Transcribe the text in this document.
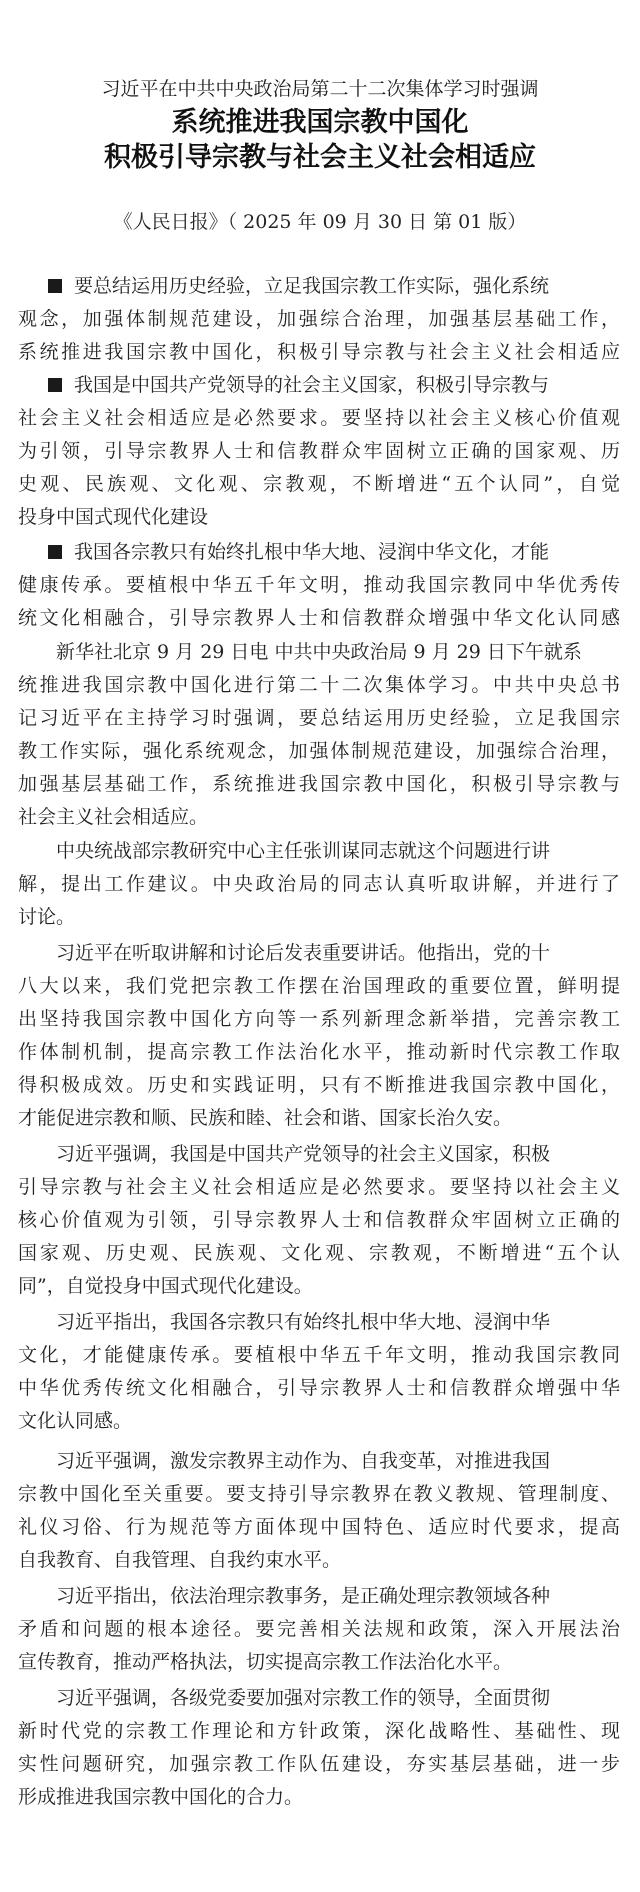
习近平在中共中央政治局第二十二次集体学习时强调
系统推进我国宗教中国化
积极引导宗教与社会主义社会相适应
《人民日报》（ 2025 年 09 月 30 日 第 01 版）
要总结运用历史经验，立足我国宗教工作实际，强化系统
观念，加强体制规范建设，加强综合治理，加强基层基础工作，
系统推进我国宗教中国化，积极引导宗教与社会主义社会相适应
我国是中国共产党领导的社会主义国家，积极引导宗教与
社会主义社会相适应是必然要求。要坚持以社会主义核心价值观
为引领，引导宗教界人士和信教群众牢固树立正确的国家观、历
史观、民族观、文化观、宗教观，不断增进“五个认同”，自觉
投身中国式现代化建设
我国各宗教只有始终扎根中华大地、浸润中华文化，才能
健康传承。要植根中华五千年文明，推动我国宗教同中华优秀传
统文化相融合，引导宗教界人士和信教群众增强中华文化认同感
新华社北京 9 月 29 日电 中共中央政治局 9 月 29 日下午就系
统推进我国宗教中国化进行第二十二次集体学习。中共中央总书
记习近平在主持学习时强调，要总结运用历史经验，立足我国宗
教工作实际，强化系统观念，加强体制规范建设，加强综合治理，
加强基层基础工作，系统推进我国宗教中国化，积极引导宗教与
社会主义社会相适应。
中央统战部宗教研究中心主任张训谋同志就这个问题进行讲
解，提出工作建议。中央政治局的同志认真听取讲解，并进行了
讨论。
习近平在听取讲解和讨论后发表重要讲话。他指出，党的十
八大以来，我们党把宗教工作摆在治国理政的重要位置，鲜明提
出坚持我国宗教中国化方向等一系列新理念新举措，完善宗教工
作体制机制，提高宗教工作法治化水平，推动新时代宗教工作取
得积极成效。历史和实践证明，只有不断推进我国宗教中国化，
才能促进宗教和顺、民族和睦、社会和谐、国家长治久安。
习近平强调，我国是中国共产党领导的社会主义国家，积极
引导宗教与社会主义社会相适应是必然要求。要坚持以社会主义
核心价值观为引领，引导宗教界人士和信教群众牢固树立正确的
国家观、历史观、民族观、文化观、宗教观，不断增进“五个认
同”，自觉投身中国式现代化建设。
习近平指出，我国各宗教只有始终扎根中华大地、浸润中华
文化，才能健康传承。要植根中华五千年文明，推动我国宗教同
中华优秀传统文化相融合，引导宗教界人士和信教群众增强中华
文化认同感。
习近平强调，激发宗教界主动作为、自我变革，对推进我国
宗教中国化至关重要。要支持引导宗教界在教义教规、管理制度、
礼仪习俗、行为规范等方面体现中国特色、适应时代要求，提高
自我教育、自我管理、自我约束水平。
习近平指出，依法治理宗教事务，是正确处理宗教领域各种
矛盾和问题的根本途径。要完善相关法规和政策，深入开展法治
宣传教育，推动严格执法，切实提高宗教工作法治化水平。
习近平强调，各级党委要加强对宗教工作的领导，全面贯彻
新时代党的宗教工作理论和方针政策，深化战略性、基础性、现
实性问题研究，加强宗教工作队伍建设，夯实基层基础，进一步
形成推进我国宗教中国化的合力。
